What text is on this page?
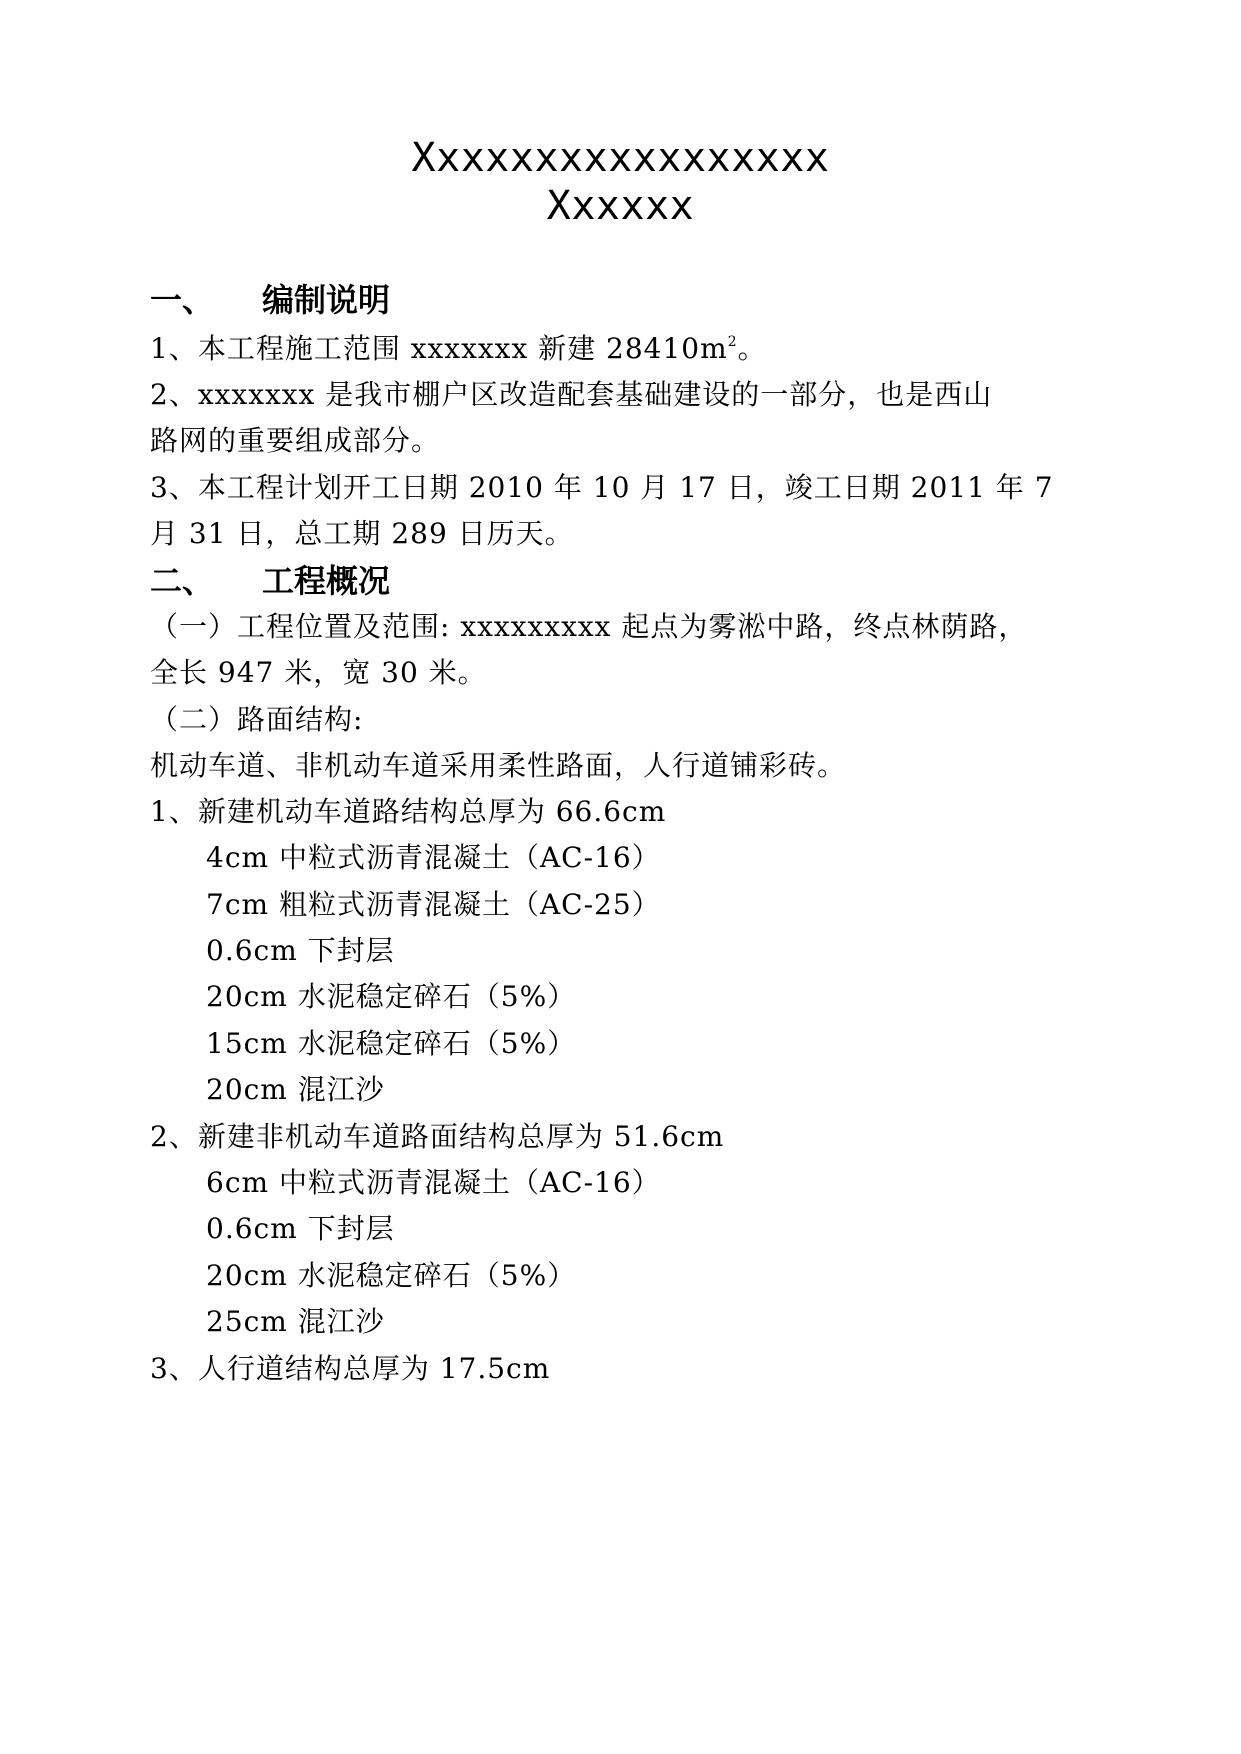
Xxxxxxxxxxxxxxxxx
Xxxxxx
一、 编制说明
1、本工程施工范围 xxxxxxx 新建 $28410m^2$。
2、xxxxxxx 是我市棚户区改造配套基础建设的一部分，也是西山
路网的重要组成部分。
3、本工程计划开工日期 2010 年 10 月 17 日，竣工日期 2011 年 7
月 31 日，总工期 289 日历天。
二、 工程概况
（一）工程位置及范围: xxxxxxxxx 起点为雾淞中路，终点林荫路，
全长 947 米，宽 30 米。
（二）路面结构:
机动车道、非机动车道采用柔性路面，人行道铺彩砖。
1、新建机动车道路结构总厚为 66.6cm
4cm 中粒式沥青混凝土（AC-16）
7cm 粗粒式沥青混凝土（AC-25）
0.6cm 下封层
20cm 水泥稳定碎石（5%）
15cm 水泥稳定碎石（5%）
20cm 混江沙
2、新建非机动车道路面结构总厚为 51.6cm
6cm 中粒式沥青混凝土（AC-16）
0.6cm 下封层
20cm 水泥稳定碎石（5%）
25cm 混江沙
3、人行道结构总厚为 17.5cm
